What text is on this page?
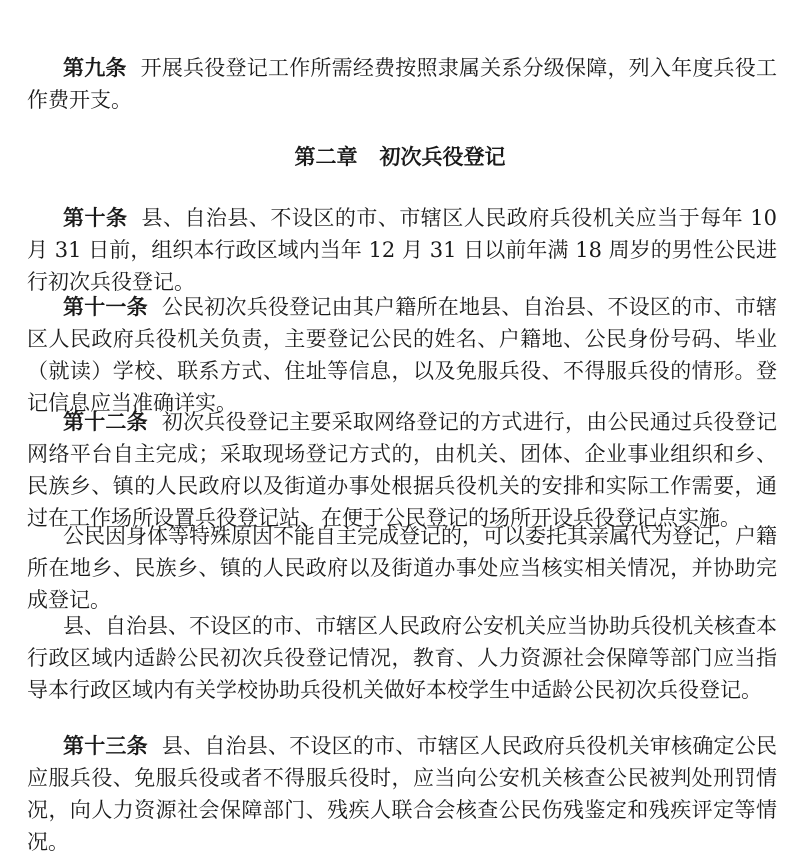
第九条 开展兵役登记工作所需经费按照隶属关系分级保障，列入年度兵役工作费开支。

第二章 初次兵役登记

第十条 县、自治县、不设区的市、市辖区人民政府兵役机关应当于每年 10 月 31 日前，组织本行政区域内当年 12 月 31 日以前年满 18 周岁的男性公民进行初次兵役登记。

第十一条 公民初次兵役登记由其户籍所在地县、自治县、不设区的市、市辖区人民政府兵役机关负责，主要登记公民的姓名、户籍地、公民身份号码、毕业（就读）学校、联系方式、住址等信息，以及免服兵役、不得服兵役的情形。登记信息应当准确详实。

第十二条 初次兵役登记主要采取网络登记的方式进行，由公民通过兵役登记网络平台自主完成；采取现场登记方式的，由机关、团体、企业事业组织和乡、民族乡、镇的人民政府以及街道办事处根据兵役机关的安排和实际工作需要，通过在工作场所设置兵役登记站、在便于公民登记的场所开设兵役登记点实施。

公民因身体等特殊原因不能自主完成登记的，可以委托其亲属代为登记，户籍所在地乡、民族乡、镇的人民政府以及街道办事处应当核实相关情况，并协助完成登记。

县、自治县、不设区的市、市辖区人民政府公安机关应当协助兵役机关核查本行政区域内适龄公民初次兵役登记情况，教育、人力资源社会保障等部门应当指导本行政区域内有关学校协助兵役机关做好本校学生中适龄公民初次兵役登记。

第十三条 县、自治县、不设区的市、市辖区人民政府兵役机关审核确定公民应服兵役、免服兵役或者不得服兵役时，应当向公安机关核查公民被判处刑罚情况，向人力资源社会保障部门、残疾人联合会核查公民伤残鉴定和残疾评定等情况。
